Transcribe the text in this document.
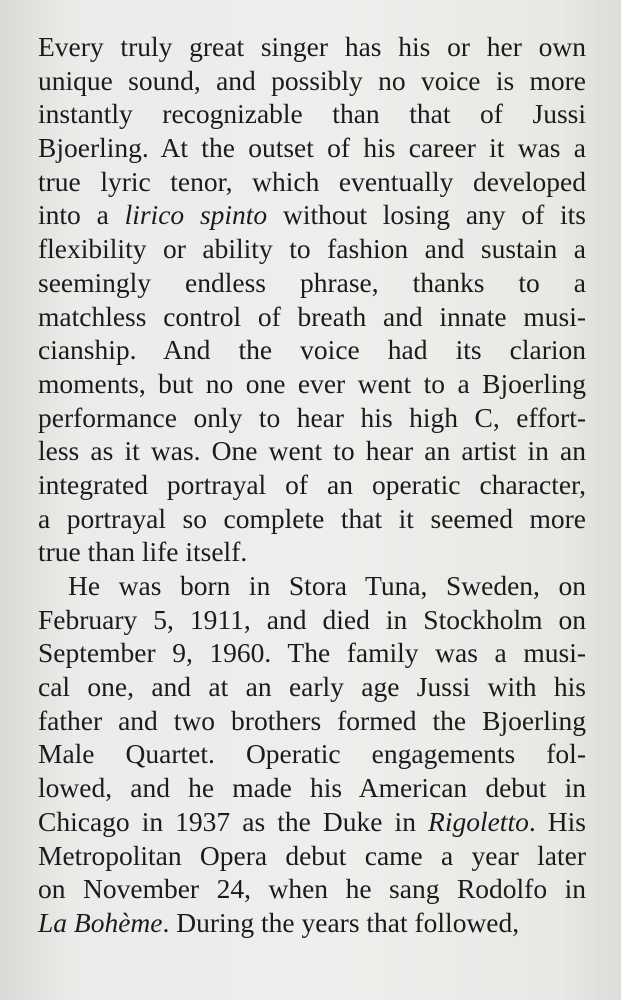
Every truly great singer has his or her own
unique sound, and possibly no voice is more
instantly recognizable than that of Jussi
Bjoerling. At the outset of his career it was a
true lyric tenor, which eventually developed
into a lirico spinto without losing any of its
flexibility or ability to fashion and sustain a
seemingly endless phrase, thanks to a
matchless control of breath and innate musi-
cianship. And the voice had its clarion
moments, but no one ever went to a Bjoerling
performance only to hear his high C, effort-
less as it was. One went to hear an artist in an
integrated portrayal of an operatic character,
a portrayal so complete that it seemed more
true than life itself.
He was born in Stora Tuna, Sweden, on
February 5, 1911, and died in Stockholm on
September 9, 1960. The family was a musi-
cal one, and at an early age Jussi with his
father and two brothers formed the Bjoerling
Male Quartet. Operatic engagements fol-
lowed, and he made his American debut in
Chicago in 1937 as the Duke in Rigoletto. His
Metropolitan Opera debut came a year later
on November 24, when he sang Rodolfo in
La Bohème. During the years that followed,
